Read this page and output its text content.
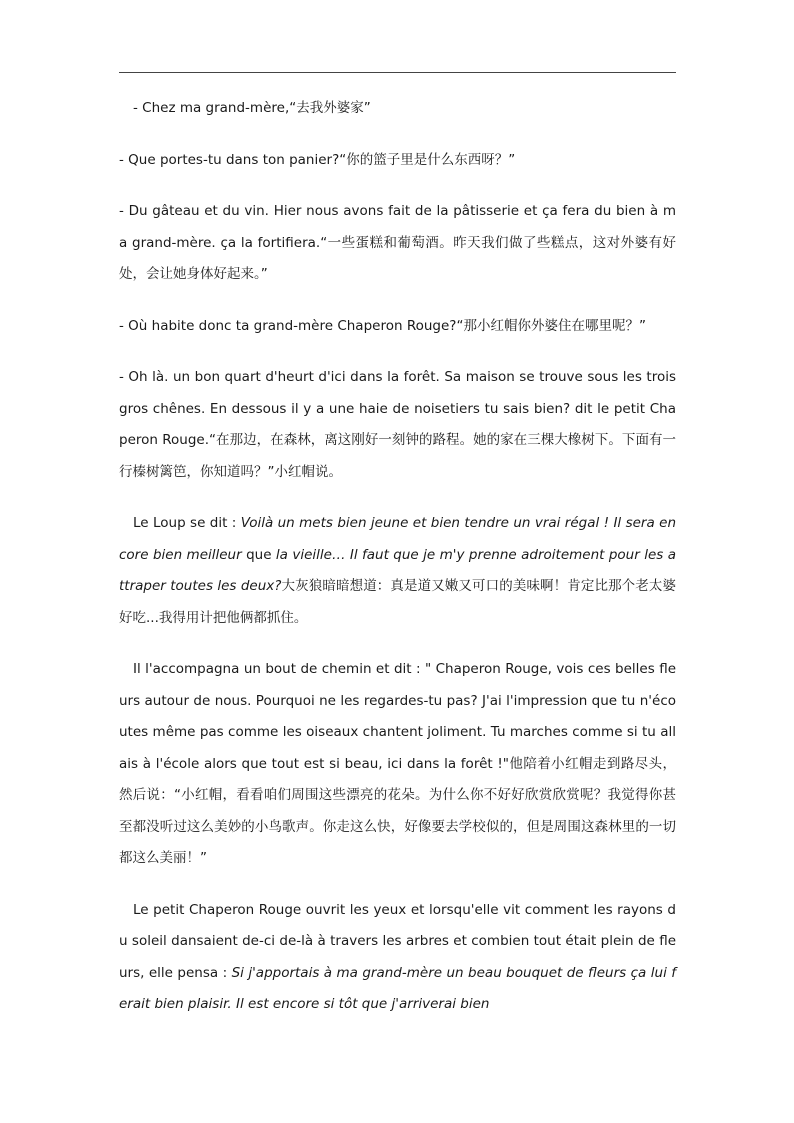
- Chez ma grand-mère,“去我外婆家”

- Que portes-tu dans ton panier?“你的篮子里是什么东西呀？”

- Du gâteau et du vin. Hier nous avons fait de la pâtisserie et ça fera du bien à ma grand-mère. ça la fortifiera.“一些蛋糕和葡萄酒。昨天我们做了些糕点，这对外婆有好处，会让她身体好起来。”

- Où habite donc ta grand-mère Chaperon Rouge?“那小红帽你外婆住在哪里呢？”

- Oh là. un bon quart d'heurt d'ici dans la forêt. Sa maison se trouve sous les trois gros chênes. En dessous il y a une haie de noisetiers tu sais bien? dit le petit Chaperon Rouge.“在那边，在森林，离这刚好一刻钟的路程。她的家在三棵大橡树下。下面有一行榛树篱笆，你知道吗？”小红帽说。

Le Loup se dit : Voilà un mets bien jeune et bien tendre un vrai régal ! Il sera encore bien meilleur que la vieille… Il faut que je m'y prenne adroitement pour les attraper toutes les deux?大灰狼暗暗想道：真是道又嫩又可口的美味啊！肯定比那个老太婆好吃...我得用计把他俩都抓住。

Il l'accompagna un bout de chemin et dit : " Chaperon Rouge, vois ces belles fleurs autour de nous. Pourquoi ne les regardes-tu pas? J'ai l'impression que tu n'écoutes même pas comme les oiseaux chantent joliment. Tu marches comme si tu allais à l'école alors que tout est si beau, ici dans la forêt !"他陪着小红帽走到路尽头，然后说：“小红帽，看看咱们周围这些漂亮的花朵。为什么你不好好欣赏欣赏呢？我觉得你甚至都没听过这么美妙的小鸟歌声。你走这么快，好像要去学校似的，但是周围这森林里的一切都这么美丽！”

Le petit Chaperon Rouge ouvrit les yeux et lorsqu'elle vit comment les rayons du soleil dansaient de-ci de-là à travers les arbres et combien tout était plein de fleurs, elle pensa : Si j'apportais à ma grand-mère un beau bouquet de fleurs ça lui ferait bien plaisir. Il est encore si tôt que j'arriverai bien
